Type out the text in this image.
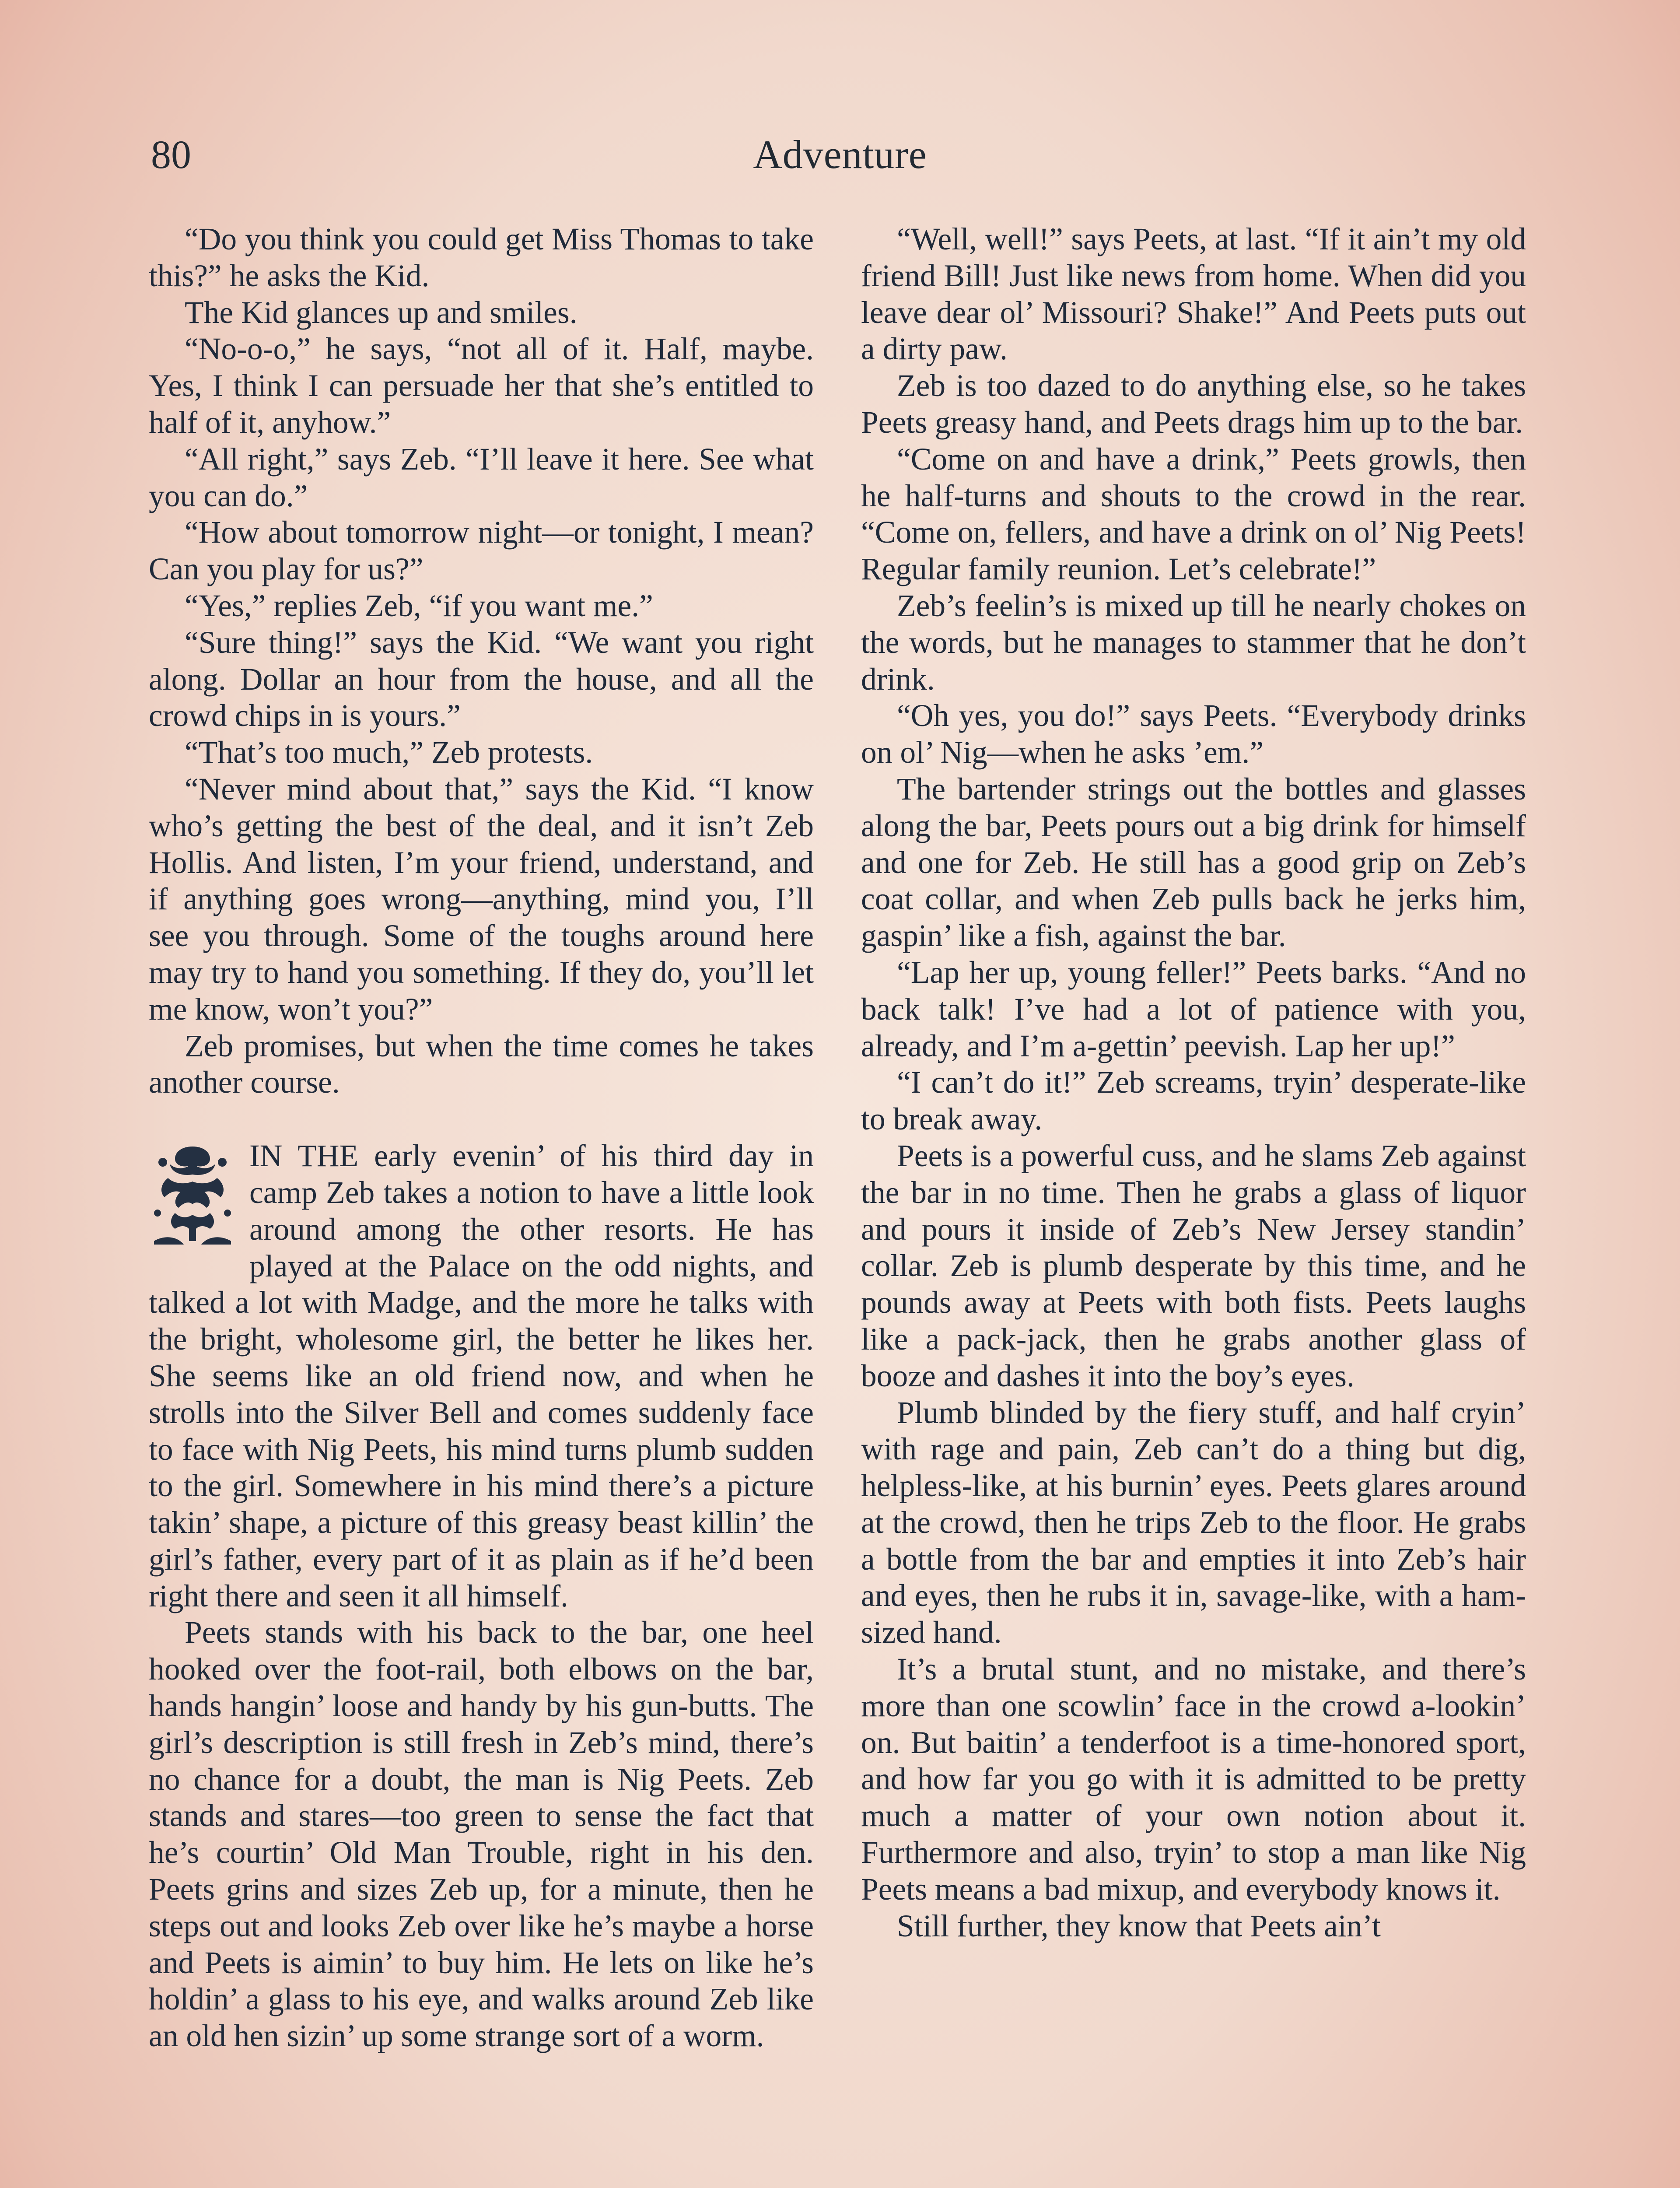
80	Adventure

“Do you think you could get Miss Thomas to take this?” he asks the Kid.

The Kid glances up and smiles.

“No-o-o,” he says, “not all of it. Half, maybe. Yes, I think I can persuade her that she’s entitled to half of it, anyhow.”

“All right,” says Zeb. “I’ll leave it here. See what you can do.”

“How about tomorrow night—or tonight, I mean? Can you play for us?”

“Yes,” replies Zeb, “if you want me.”

“Sure thing!” says the Kid. “We want you right along. Dollar an hour from the house, and all the crowd chips in is yours.”

“That’s too much,” Zeb protests.

“Never mind about that,” says the Kid. “I know who’s getting the best of the deal, and it isn’t Zeb Hollis. And listen, I’m your friend, understand, and if anything goes wrong—anything, mind you, I’ll see you through. Some of the toughs around here may try to hand you something. If they do, you’ll let me know, won’t you?”

Zeb promises, but when the time comes he takes another course.

IN THE early evenin’ of his third day in camp Zeb takes a notion to have a little look around among the other resorts. He has played at the Palace on the odd nights, and talked a lot with Madge, and the more he talks with the bright, wholesome girl, the better he likes her. She seems like an old friend now, and when he strolls into the Silver Bell and comes suddenly face to face with Nig Peets, his mind turns plumb sudden to the girl. Somewhere in his mind there’s a picture takin’ shape, a picture of this greasy beast killin’ the girl’s father, every part of it as plain as if he’d been right there and seen it all himself.

Peets stands with his back to the bar, one heel hooked over the foot-rail, both elbows on the bar, hands hangin’ loose and handy by his gun-butts. The girl’s description is still fresh in Zeb’s mind, there’s no chance for a doubt, the man is Nig Peets. Zeb stands and stares—too green to sense the fact that he’s courtin’ Old Man Trouble, right in his den. Peets grins and sizes Zeb up, for a minute, then he steps out and looks Zeb over like he’s maybe a horse and Peets is aimin’ to buy him. He lets on like he’s holdin’ a glass to his eye, and walks around Zeb like an old hen sizin’ up some strange sort of a worm.

“Well, well!” says Peets, at last. “If it ain’t my old friend Bill! Just like news from home. When did you leave dear ol’ Missouri? Shake!” And Peets puts out a dirty paw.

Zeb is too dazed to do anything else, so he takes Peets greasy hand, and Peets drags him up to the bar.

“Come on and have a drink,” Peets growls, then he half-turns and shouts to the crowd in the rear. “Come on, fellers, and have a drink on ol’ Nig Peets! Regular family reunion. Let’s celebrate!”

Zeb’s feelin’s is mixed up till he nearly chokes on the words, but he manages to stammer that he don’t drink.

“Oh yes, you do!” says Peets. “Everybody drinks on ol’ Nig—when he asks ’em.”

The bartender strings out the bottles and glasses along the bar, Peets pours out a big drink for himself and one for Zeb. He still has a good grip on Zeb’s coat collar, and when Zeb pulls back he jerks him, gaspin’ like a fish, against the bar.

“Lap her up, young feller!” Peets barks. “And no back talk! I’ve had a lot of patience with you, already, and I’m a-gettin’ peevish. Lap her up!”

“I can’t do it!” Zeb screams, tryin’ desperate-like to break away.

Peets is a powerful cuss, and he slams Zeb against the bar in no time. Then he grabs a glass of liquor and pours it inside of Zeb’s New Jersey standin’ collar. Zeb is plumb desperate by this time, and he pounds away at Peets with both fists. Peets laughs like a pack-jack, then he grabs another glass of booze and dashes it into the boy’s eyes.

Plumb blinded by the fiery stuff, and half cryin’ with rage and pain, Zeb can’t do a thing but dig, helpless-like, at his burnin’ eyes. Peets glares around at the crowd, then he trips Zeb to the floor. He grabs a bottle from the bar and empties it into Zeb’s hair and eyes, then he rubs it in, savage-like, with a ham-sized hand.

It’s a brutal stunt, and no mistake, and there’s more than one scowlin’ face in the crowd a-lookin’ on. But baitin’ a tenderfoot is a time-honored sport, and how far you go with it is admitted to be pretty much a matter of your own notion about it. Furthermore and also, tryin’ to stop a man like Nig Peets means a bad mixup, and everybody knows it.

Still further, they know that Peets ain’t
